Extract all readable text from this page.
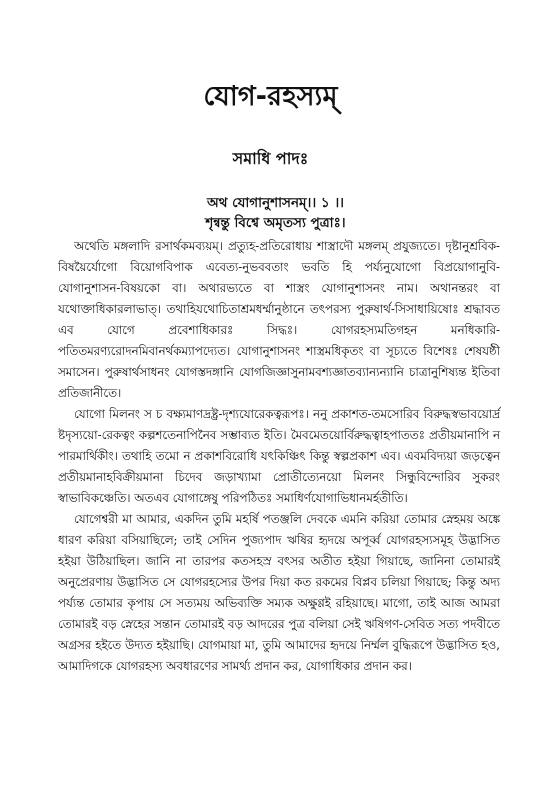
যোগ-রহস্যম্
সমাধি পাদঃ
অথ যোগানুশাসনম্।। ১ ।।
শৃন্বন্তু বিশ্বে অমৃতস্য পুত্রাঃ।

অথেতি মঙ্গলাদি রসার্থকমব্যয়ম্। প্রত্যুহ-প্রতিরোধায় শাস্ত্রাদৌ মঙ্গলম্ প্রযুজ্যতে। দৃষ্টানুশ্রবিক-বিষয়ৈর্যোগো বিয়োগবিপাক এবেত্য-নুভববতাং ভবতি হি পর্য্যনুযোগো বিপ্রয়োগানুবি-যোগানুশাসন-বিষয়কো বা। অথারভ্যতে বা শাস্ত্রং যোগানুশাসনং নাম। অথানন্তরং বা যথোক্তাধিকারলাভাত্। তথাহিযথোচিতাশ্রমধর্ম্মানুষ্ঠানে তৎপরস্য পুরুষার্থ-সিসাধায়িষোঃ শ্রদ্ধাবত এব যোগে প্রবেশাধিকারঃ সিদ্ধঃ। যোগরহস্যমতিগহন মনধিকারি-পতিতমরণ্যরোদনমিবানর্থকম্যাপদ্যেত। যোগানুশাসনং শাস্ত্রমধিকৃতং বা সূচ্যতে বিশেষঃ শেষযষ্ঠী সমাসেন। পুরুষার্থসাধনং যোগস্তদঙ্গানি যোগজিজ্ঞাসুনামবশ্যজ্ঞাতব্যান্যন্যানি চাত্রানুশিষ্যন্ত ইতিবা প্রতিজানীতে।

যোগো মিলনং স চ বক্ষ্যমাণদ্রষ্ট্র-দৃশ্যযোরেকত্বরূপঃ। ননু প্রকাশত-তমসোরিব বিরুদ্ধস্বভাবয়োর্দ্র ষ্টদৃস্যয়ো-রেকত্বং কল্পশতেনাপিনৈব সম্ভাব্যত ইতি। মৈবমেতয়োর্বিরুদ্ধত্বাহপাততঃ প্রতীয়মানাপি ন পারমার্থিকীং। তথাহি তমো ন প্রকাশবিরোধি যৎকিঞ্চিৎ কিন্তু স্বল্পপ্রকাশ এব। এবমবিদ্যয়া জড়ত্বেন প্রতীয়মানাহবিক্রীয়মানা চিদেব জড়াখ্যামা প্রোতীত্যেনয়ো মিলনং সিন্ধুবিন্দোরিব সুকরং স্বাভাবিকঞ্চেতি। অতএব যোগাঙ্গেষু পরিপঠিতঃ সমাধির্ণযোগাভিধানমর্হতীতি।

যোগেশ্বরী মা আমার, একদিন তুমি মহর্ষি পতঞ্জলি দেবকে এমনি করিয়া তোমার স্নেহময় অঙ্কে ধারণ করিয়া বসিয়াছিলে; তাই সেদিন পুজ্যপাদ ঋষির হৃদয়ে অপূর্ব্ব যোগরহস্যসমূহ উদ্ভাসিত হইয়া উঠিয়াছিল। জানি না তারপর কতসহস্র বৎসর অতীত হইয়া গিয়াছে, জানিনা তোমারই অনুপ্রেরণায় উদ্ভাসিত সে যোগরহস্যের উপর দিয়া কত রকমের বিপ্লব চলিয়া গিয়াছে; কিন্তু অদ্য পর্য্যন্ত তোমার কৃপায় সে সত্যময় অভিব্যক্তি সম্যক অক্ষুণ্ণই রহিয়াছে। মাগো, তাই আজ আমরা তোমারই বড় স্নেহের সন্তান তোমারই বড় আদরের পুত্র বলিয়া সেই ঋষিগণ-সেবিত সত্য পদবীতে অগ্রসর হইতে উদ্যত হইয়াছি। যোগমায়া মা, তুমি আমাদের হৃদয়ে নির্ম্মল বুদ্ধিরূপে উদ্ভাসিত হও, আমাদিগকে যোগরহস্য অবধারণের সামর্থ্য প্রদান কর, যোগাধিকার প্রদান কর।
